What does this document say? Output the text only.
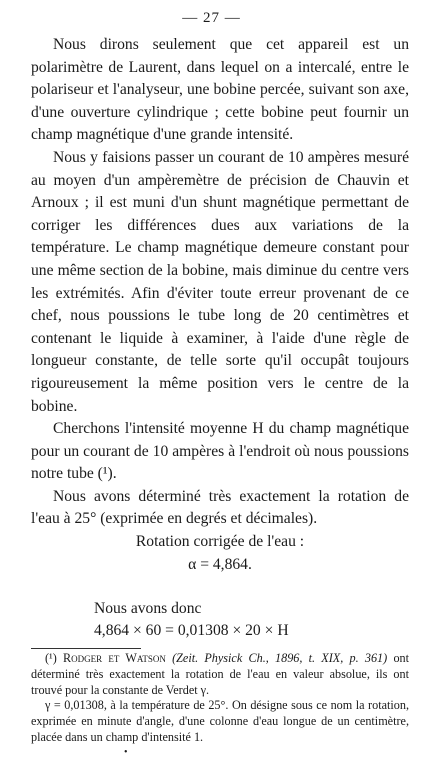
— 27 —

Nous dirons seulement que cet appareil est un polarimètre de Laurent, dans lequel on a intercalé, entre le polariseur et l'analyseur, une bobine percée, suivant son axe, d'une ouverture cylindrique ; cette bobine peut fournir un champ magnétique d'une grande intensité.

Nous y faisions passer un courant de 10 ampères mesuré au moyen d'un ampèremètre de précision de Chauvin et Arnoux ; il est muni d'un shunt magnétique permettant de corriger les différences dues aux variations de la température. Le champ magnétique demeure constant pour une même section de la bobine, mais diminue du centre vers les extrémités. Afin d'éviter toute erreur provenant de ce chef, nous poussions le tube long de 20 centimètres et contenant le liquide à examiner, à l'aide d'une règle de longueur constante, de telle sorte qu'il occupât toujours rigoureusement la même position vers le centre de la bobine.

Cherchons l'intensité moyenne H du champ magnétique pour un courant de 10 ampères à l'endroit où nous poussions notre tube (¹).

Nous avons déterminé très exactement la rotation de l'eau à 25° (exprimée en degrés et décimales).

Rotation corrigée de l'eau :

α = 4,864.

Nous avons donc
4,864 × 60 = 0,01308 × 20 × H

(¹) Rodger et Watson (Zeit. Physick Ch., 1896, t. XIX, p. 361) ont déterminé très exactement la rotation de l'eau en valeur absolue, ils ont trouvé pour la constante de Verdet γ.

γ = 0,01308, à la température de 25°. On désigne sous ce nom la rotation, exprimée en minute d'angle, d'une colonne d'eau longue de un centimètre, placée dans un champ d'intensité 1.

•
